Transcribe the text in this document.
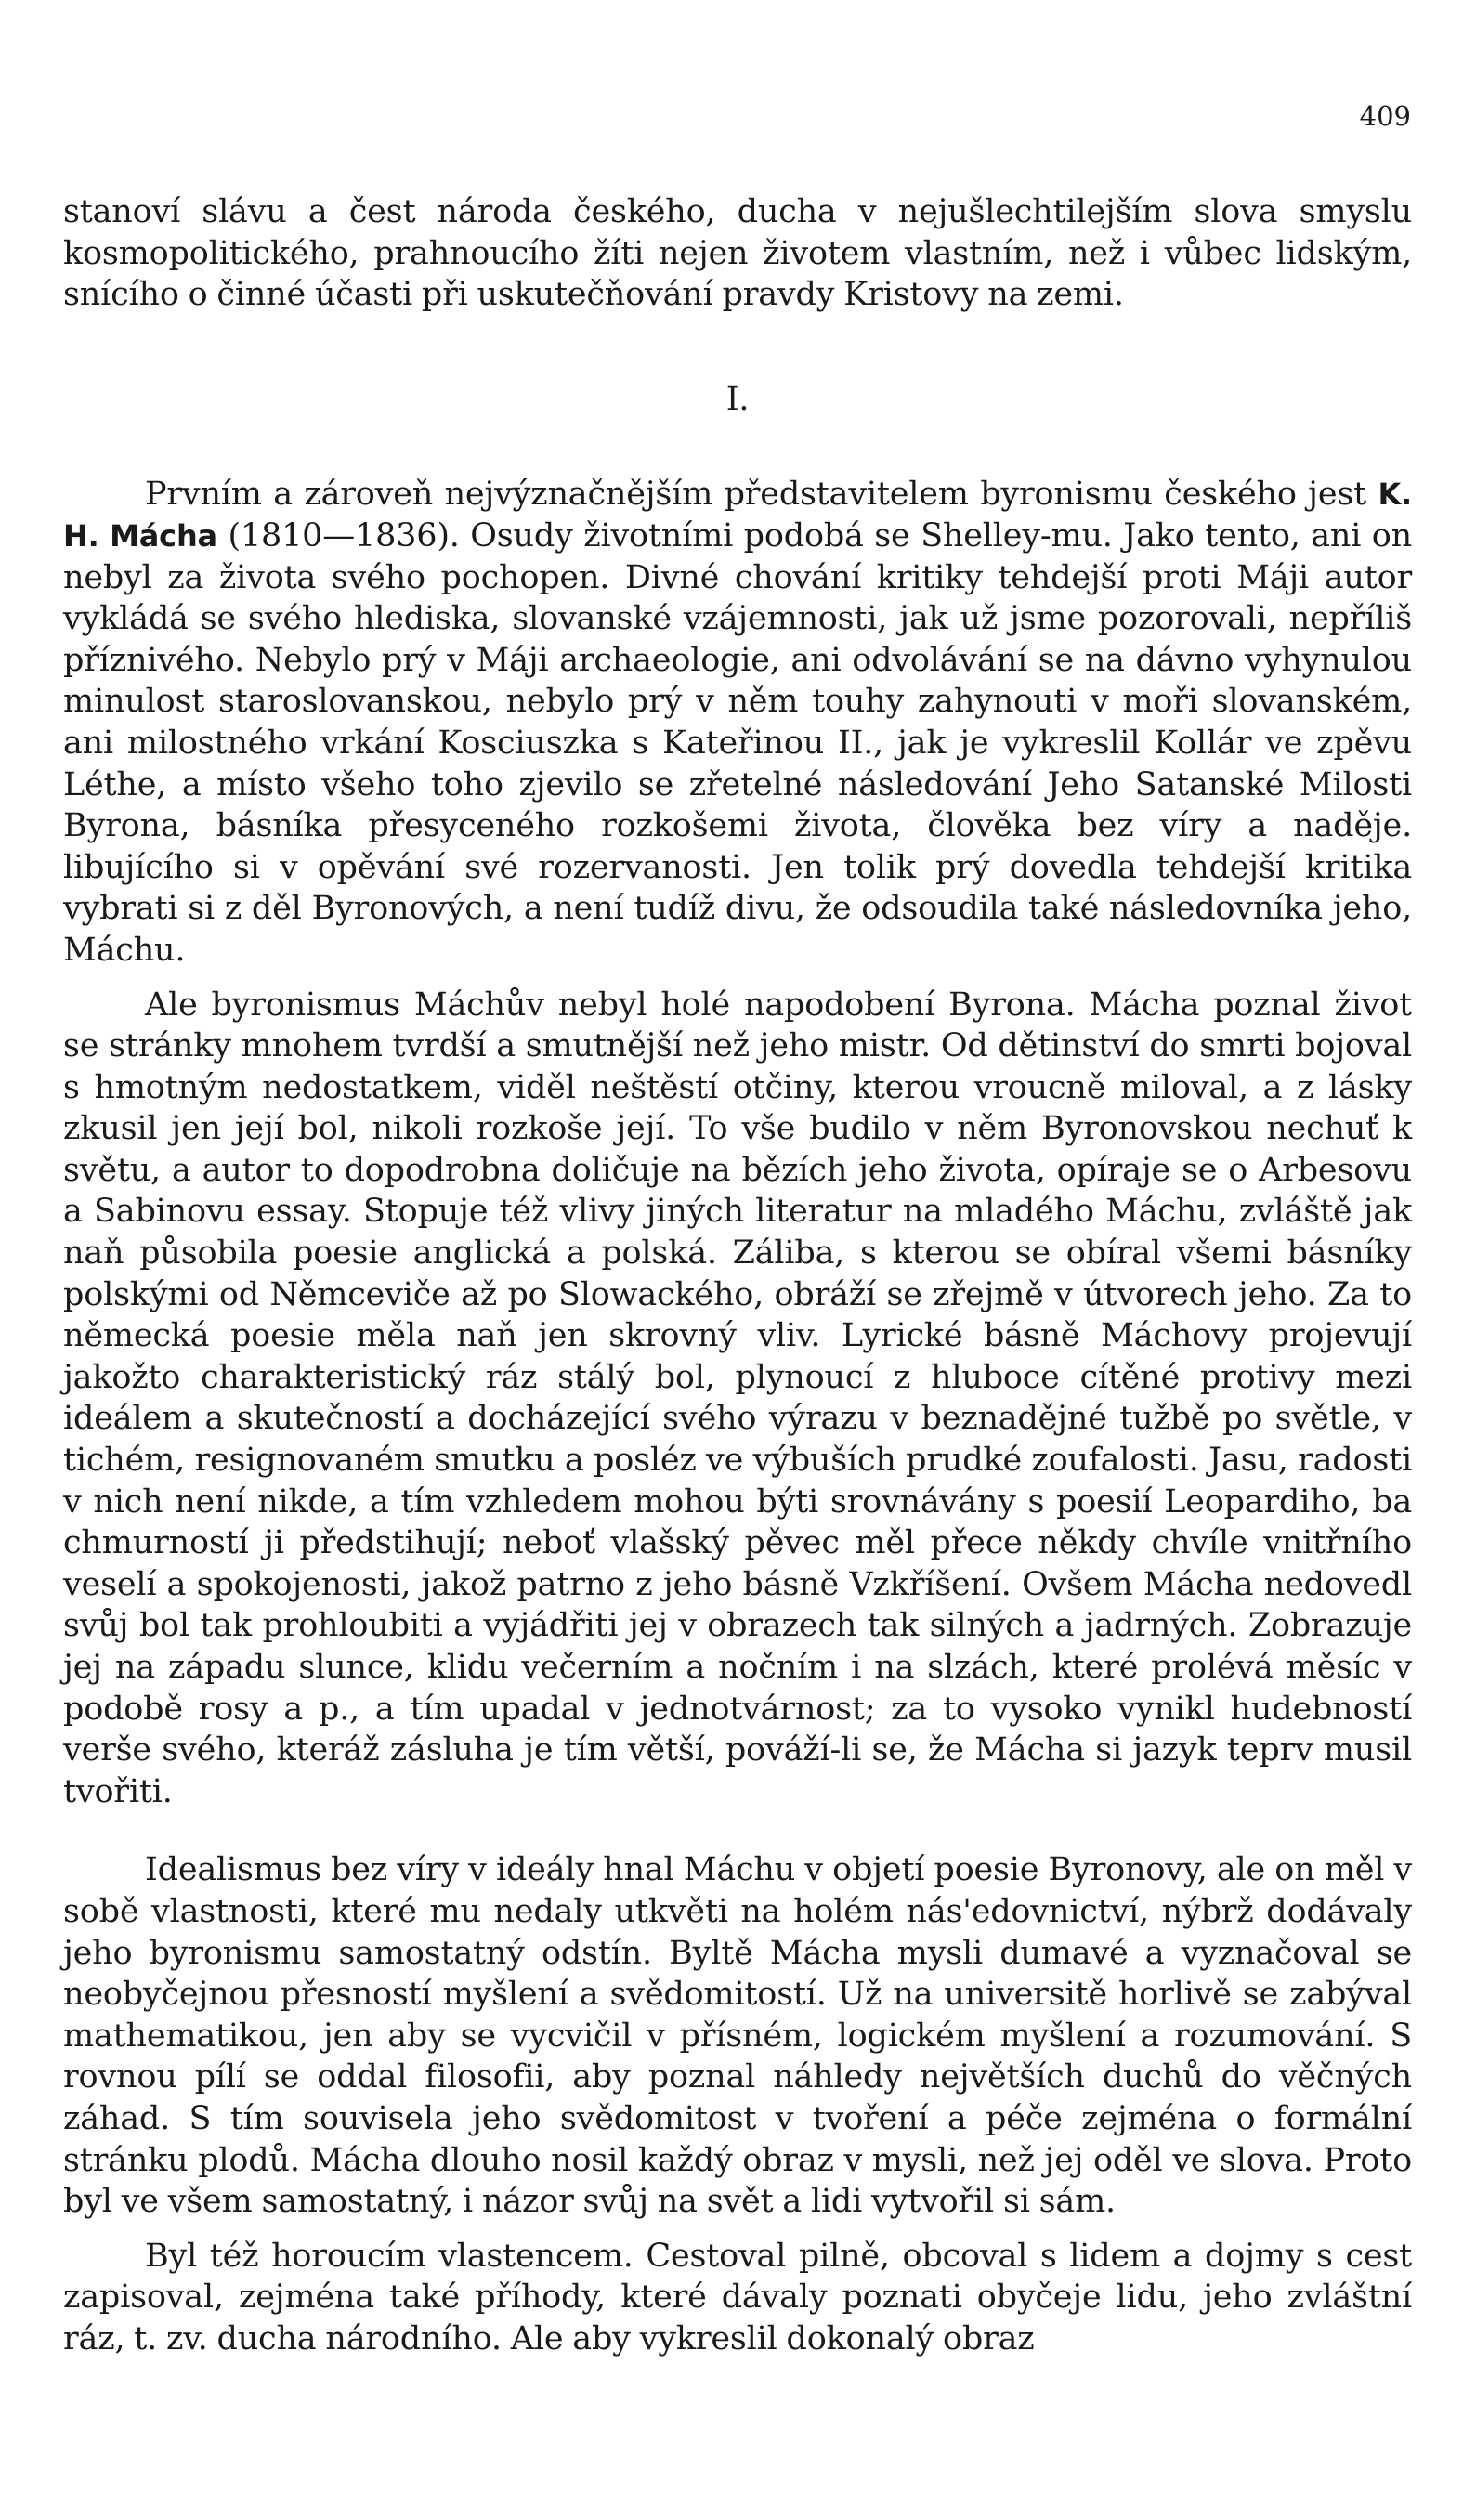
409

stanoví slávu a čest národa českého, ducha v nejušlechtilejším slova smyslu kosmopolitického, prahnoucího žíti nejen životem vlastním, než i vůbec lidským, snícího o činné účasti při uskutečňování pravdy Kristovy na zemi.

I.

Prvním a zároveň nejvýznačnějším představitelem byronismu českého jest K. H. Mácha (1810—1836). Osudy životními podobá se Shelley-mu. Jako tento, ani on nebyl za života svého pochopen. Divné chování kritiky tehdejší proti Máji autor vykládá se svého hlediska, slovanské vzájemnosti, jak už jsme pozorovali, nepříliš příznivého. Nebylo prý v Máji archaeologie, ani odvolávání se na dávno vyhynulou minulost staroslovanskou, nebylo prý v něm touhy zahynouti v moři slovanském, ani milostného vrkání Kosciuszka s Kateřinou II., jak je vykreslil Kollár ve zpěvu Léthe, a místo všeho toho zjevilo se zřetelné následování Jeho Satanské Milosti Byrona, básníka přesyceného rozkošemi života, člověka bez víry a naděje. libujícího si v opěvání své rozervanosti. Jen tolik prý dovedla tehdejší kritika vybrati si z děl Byronových, a není tudíž divu, že odsoudila také následovníka jeho, Máchu.

Ale byronismus Máchův nebyl holé napodobení Byrona. Mácha poznal život se stránky mnohem tvrdší a smutnější než jeho mistr. Od dětinství do smrti bojoval s hmotným nedostatkem, viděl neštěstí otčiny, kterou vroucně miloval, a z lásky zkusil jen její bol, nikoli rozkoše její. To vše budilo v něm Byronovskou nechuť k světu, a autor to dopodrobna doličuje na bězích jeho života, opíraje se o Arbesovu a Sabinovu essay. Stopuje též vlivy jiných literatur na mladého Máchu, zvláště jak naň působila poesie anglická a polská. Záliba, s kterou se obíral všemi básníky polskými od Němceviče až po Slowackého, obráží se zřejmě v útvorech jeho. Za to německá poesie měla naň jen skrovný vliv. Lyrické básně Máchovy projevují jakožto charakteristický ráz stálý bol, plynoucí z hluboce cítěné protivy mezi ideálem a skutečností a docházející svého výrazu v beznadějné tužbě po světle, v tichém, resignovaném smutku a posléz ve výbuších prudké zoufalosti. Jasu, radosti v nich není nikde, a tím vzhledem mohou býti srovnávány s poesií Leopardiho, ba chmurností ji předstihují; neboť vlašský pěvec měl přece někdy chvíle vnitřního veselí a spokojenosti, jakož patrno z jeho básně Vzkříšení. Ovšem Mácha nedovedl svůj bol tak prohloubiti a vyjádřiti jej v obrazech tak silných a jadrných. Zobrazuje jej na západu slunce, klidu večerním a nočním i na slzách, které prolévá měsíc v podobě rosy a p., a tím upadal v jednotvárnost; za to vysoko vynikl hudebností verše svého, kteráž zásluha je tím větší, pováží-li se, že Mácha si jazyk teprv musil tvořiti.

Idealismus bez víry v ideály hnal Máchu v objetí poesie Byronovy, ale on měl v sobě vlastnosti, které mu nedaly utkvěti na holém nás'edovnictví, nýbrž dodávaly jeho byronismu samostatný odstín. Byltě Mácha mysli dumavé a vyznačoval se neobyčejnou přesností myšlení a svědomitostí. Už na universitě horlivě se zabýval mathematikou, jen aby se vycvičil v přísném, logickém myšlení a rozumování. S rovnou pílí se oddal filosofii, aby poznal náhledy největších duchů do věčných záhad. S tím souvisela jeho svědomitost v tvoření a péče zejména o formální stránku plodů. Mácha dlouho nosil každý obraz v mysli, než jej oděl ve slova. Proto byl ve všem samostatný, i názor svůj na svět a lidi vytvořil si sám.

Byl též horoucím vlastencem. Cestoval pilně, obcoval s lidem a dojmy s cest zapisoval, zejména také příhody, které dávaly poznati obyčeje lidu, jeho zvláštní ráz, t. zv. ducha národního. Ale aby vykreslil dokonalý obraz
